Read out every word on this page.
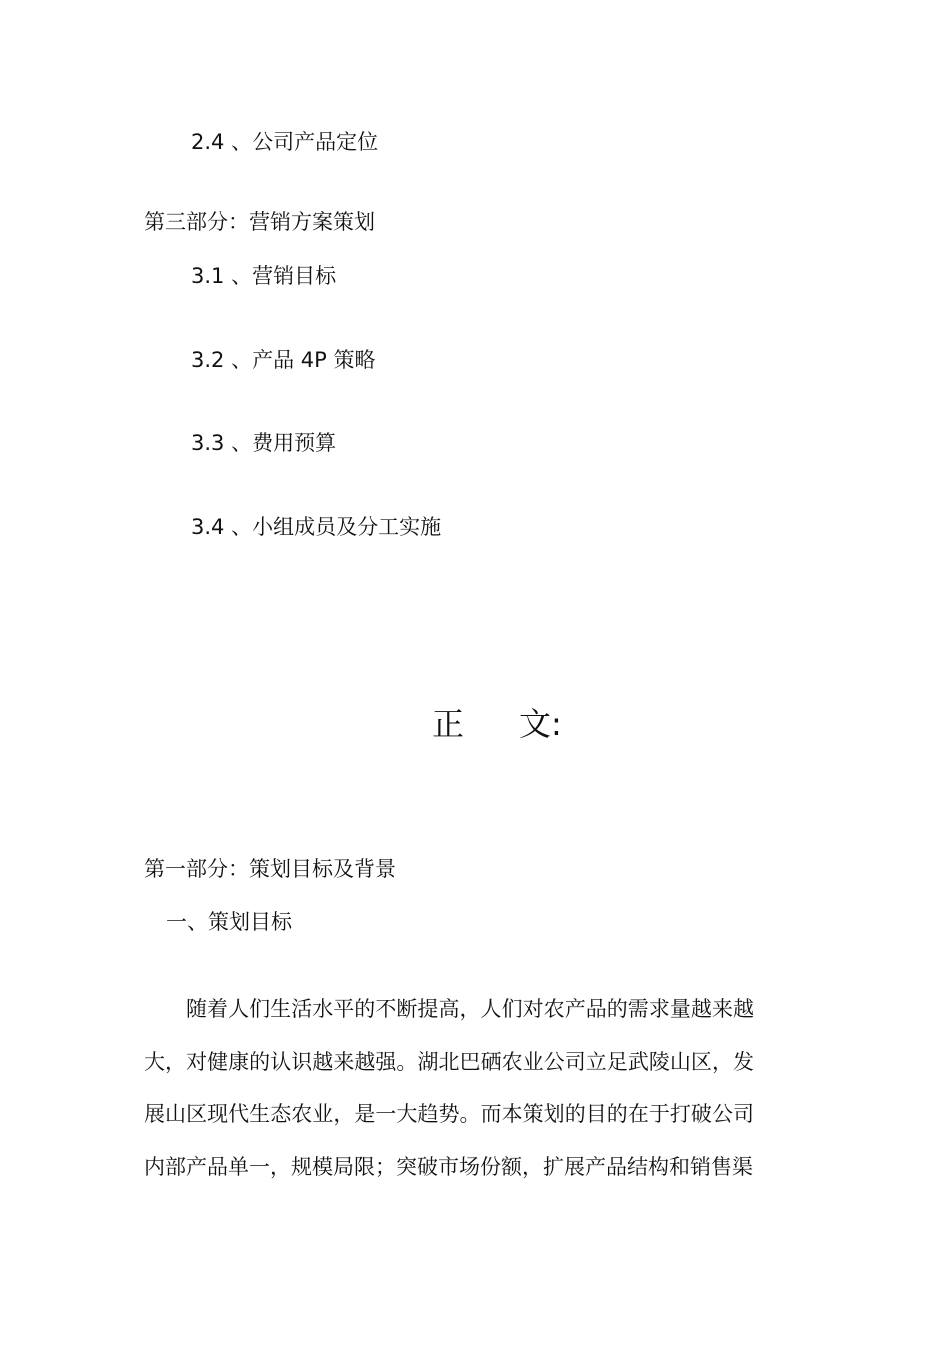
2.4 、公司产品定位
第三部分：营销方案策划
3.1 、营销目标
3.2 、产品 4P 策略
3.3 、费用预算
3.4 、小组成员及分工实施
正 文:
第一部分：策划目标及背景
一、策划目标

随着人们生活水平的不断提高，人们对农产品的需求量越来越大，对健康的认识越来越强。湖北巴硒农业公司立足武陵山区，发展山区现代生态农业，是一大趋势。而本策划的目的在于打破公司内部产品单一，规模局限；突破市场份额，扩展产品结构和销售渠
